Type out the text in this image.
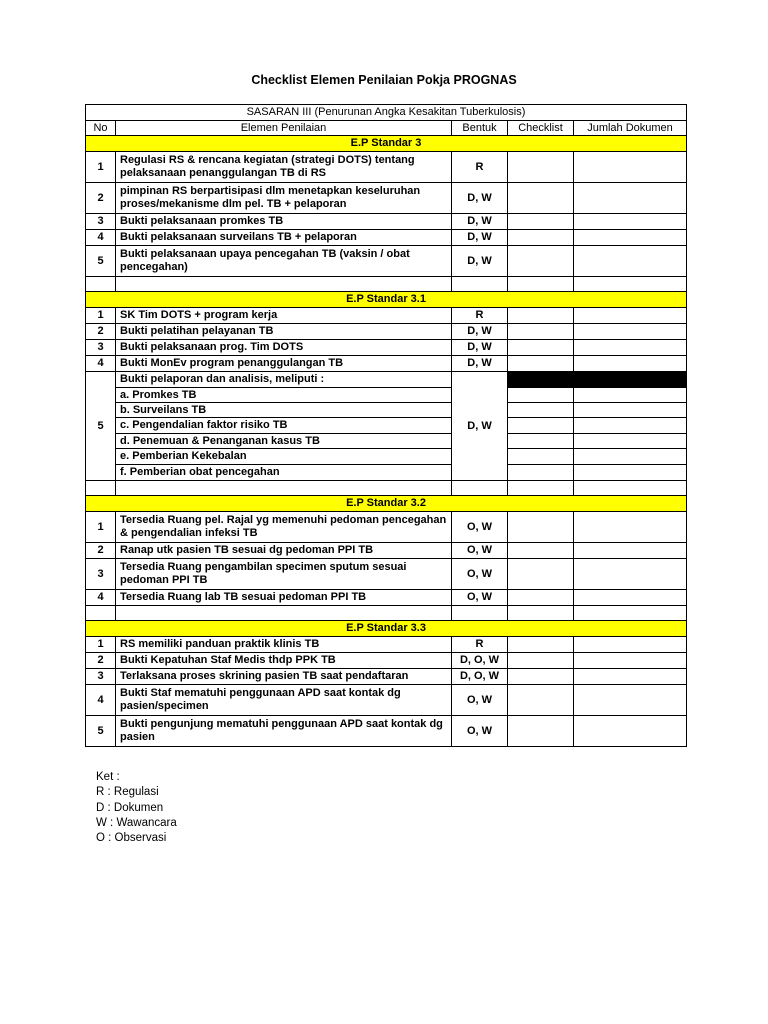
Checklist Elemen Penilaian Pokja PROGNAS
SASARAN III (Penurunan Angka Kesakitan Tuberkulosis)				
No	Elemen Penilaian	Bentuk	Checklist	Jumlah Dokumen
E.P Standar 3				
1	Regulasi RS & rencana kegiatan (strategi DOTS) tentang pelaksanaan penanggulangan TB di RS	R		
2	pimpinan RS berpartisipasi dlm menetapkan keseluruhan proses/mekanisme dlm pel. TB + pelaporan	D, W		
3	Bukti pelaksanaan promkes TB	D, W		
4	Bukti pelaksanaan surveilans TB + pelaporan	D, W		
5	Bukti pelaksanaan upaya pencegahan TB (vaksin / obat pencegahan)	D, W		

E.P Standar 3.1				
1	SK Tim DOTS + program kerja	R		
2	Bukti pelatihan pelayanan TB	D, W		
3	Bukti pelaksanaan prog. Tim DOTS	D, W		
4	Bukti MonEv program penanggulangan TB	D, W		
5	Bukti pelaporan dan analisis, meliputi :	D, W		
	a. Promkes TB			
	b. Surveilans TB			
	c. Pengendalian faktor risiko TB			
	d. Penemuan & Penanganan kasus TB			
	e. Pemberian Kekebalan			
	f. Pemberian obat pencegahan			

E.P Standar 3.2				
1	Tersedia Ruang pel. Rajal yg memenuhi pedoman pencegahan & pengendalian infeksi TB	O, W		
2	Ranap utk pasien TB sesuai dg pedoman PPI TB	O, W		
3	Tersedia Ruang pengambilan specimen sputum sesuai pedoman PPI TB	O, W		
4	Tersedia Ruang lab TB sesuai pedoman PPI TB	O, W		

E.P Standar 3.3				
1	RS memiliki panduan praktik klinis TB	R		
2	Bukti Kepatuhan Staf Medis thdp PPK TB	D, O, W		
3	Terlaksana proses skrining pasien TB saat pendaftaran	D, O, W		
4	Bukti Staf mematuhi penggunaan APD saat kontak dg pasien/specimen	O, W		
5	Bukti pengunjung mematuhi penggunaan APD saat kontak dg pasien	O, W		
Ket :
R : Regulasi
D : Dokumen
W : Wawancara
O : Observasi
